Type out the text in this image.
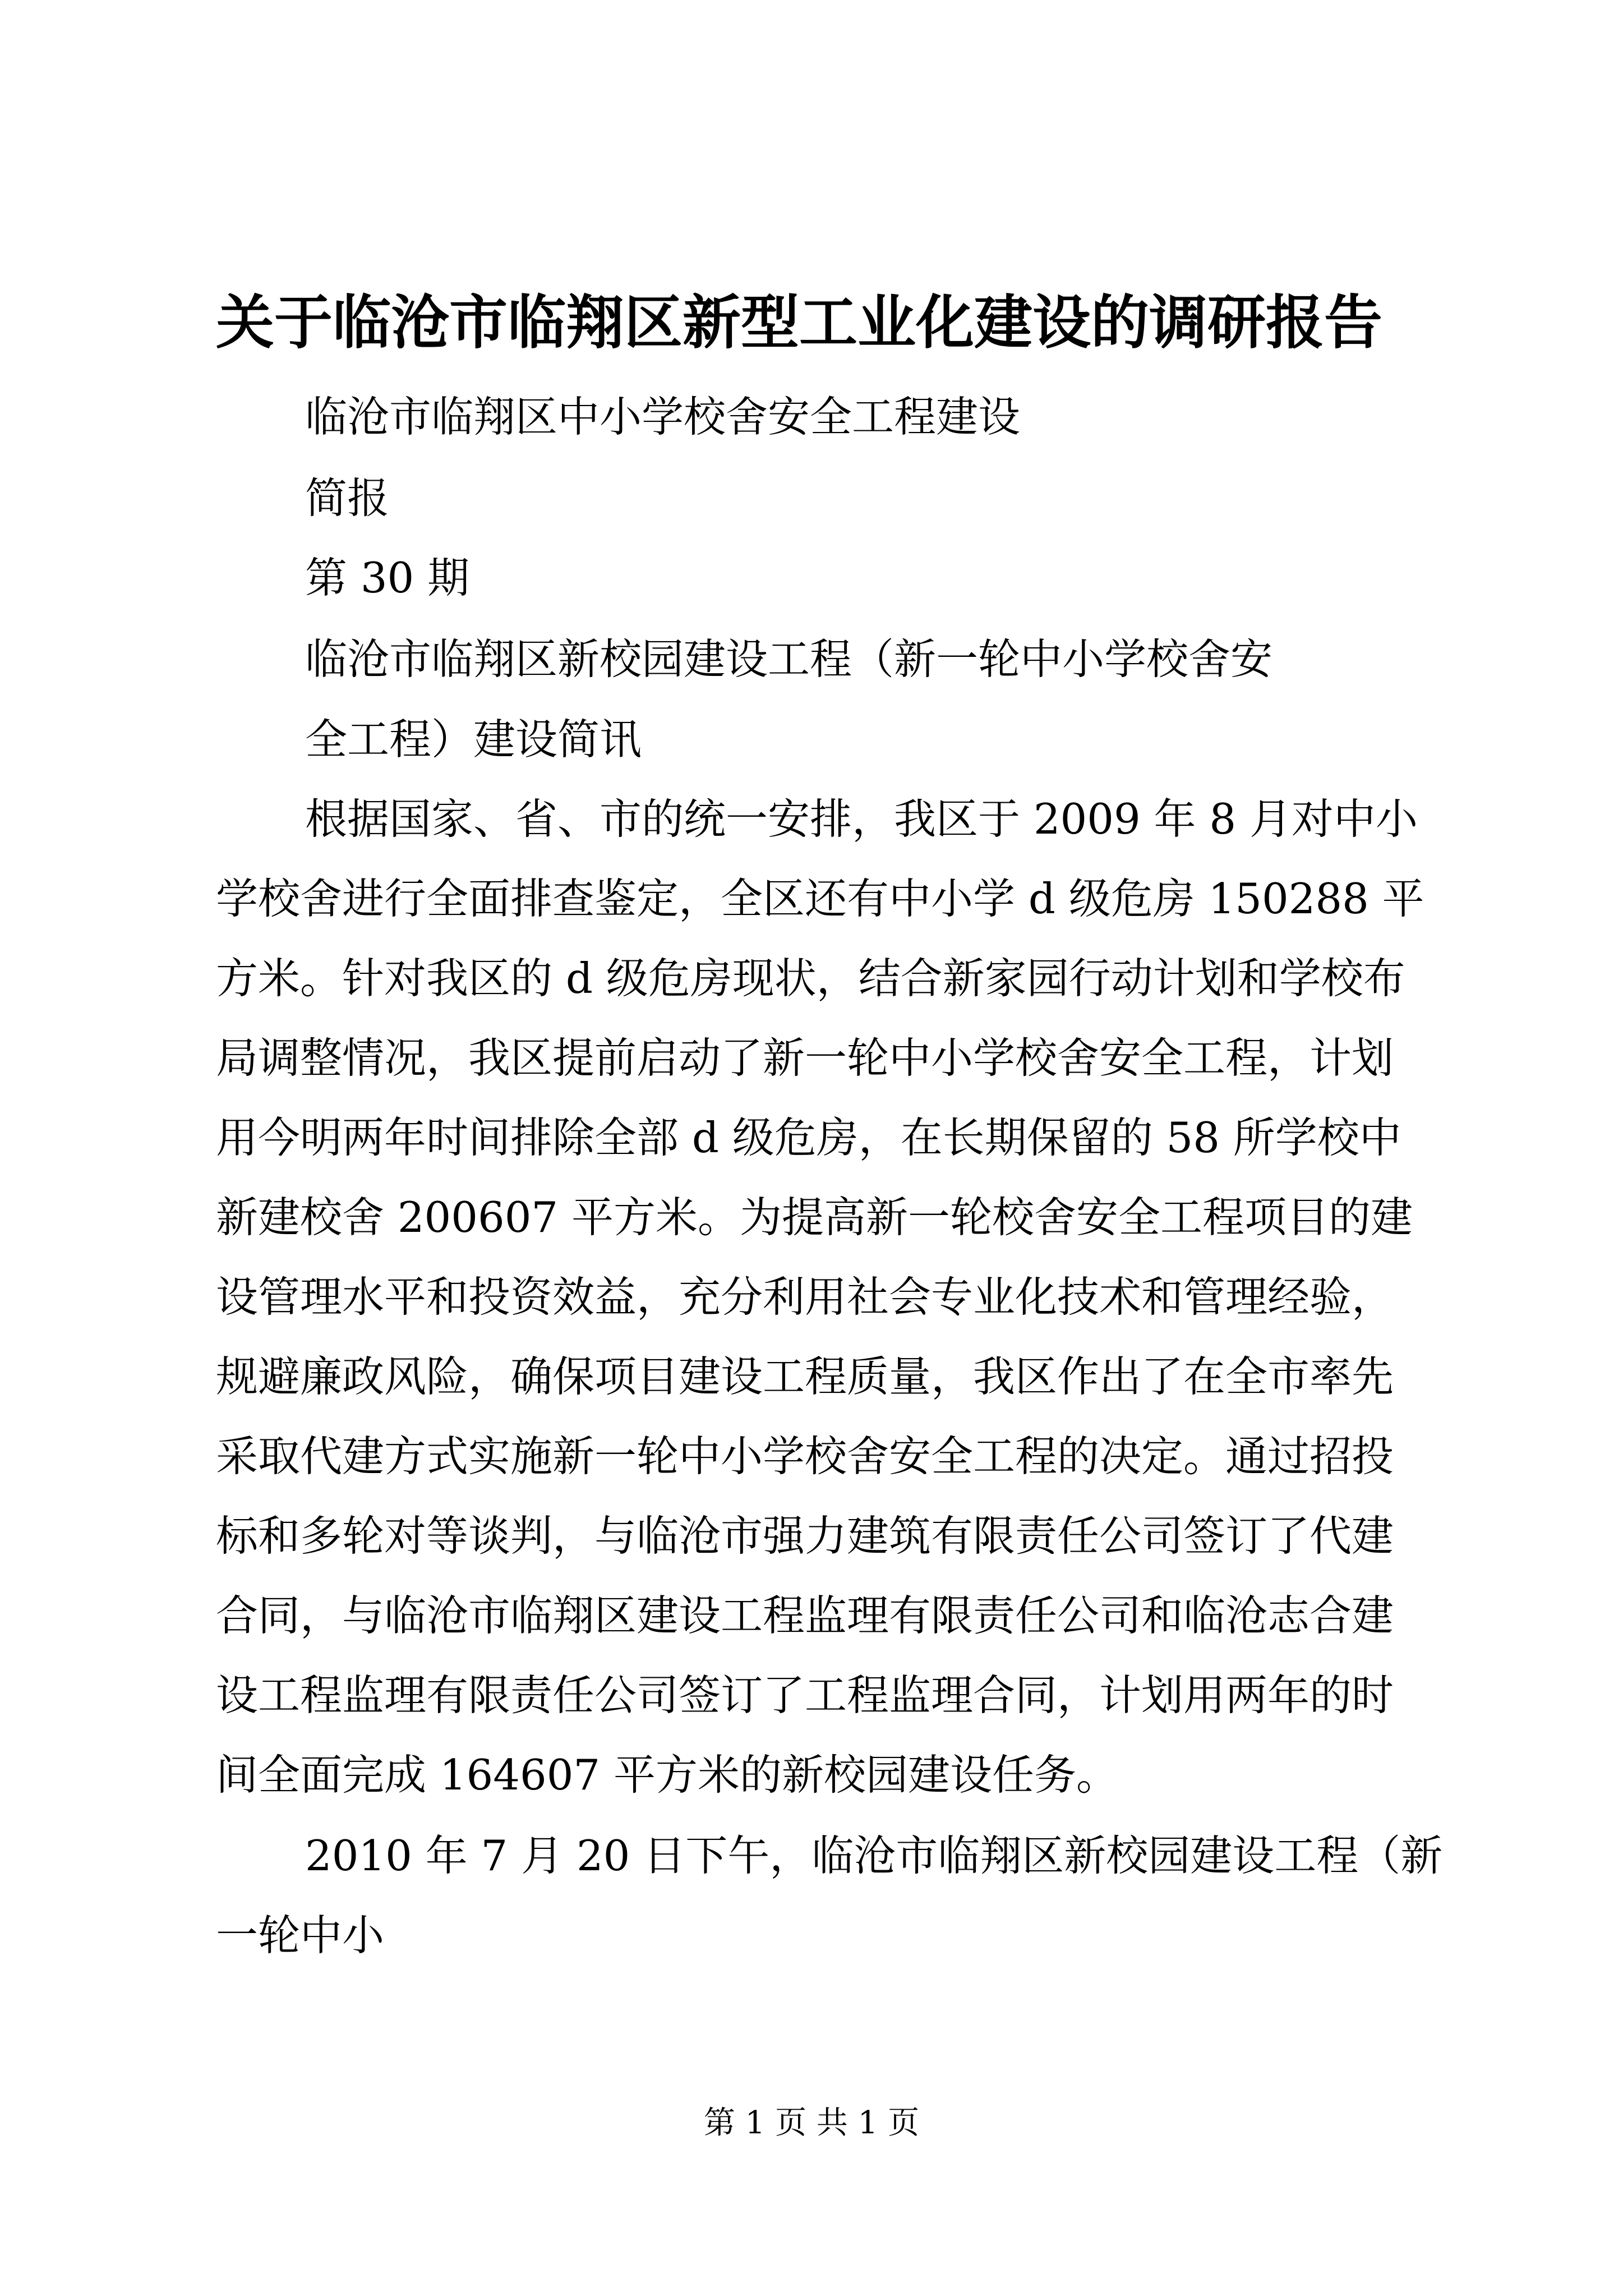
关于临沧市临翔区新型工业化建设的调研报告

临沧市临翔区中小学校舍安全工程建设

简报

第 30 期

临沧市临翔区新校园建设工程（新一轮中小学校舍安

全工程）建设简讯

根据国家、省、市的统一安排，我区于 2009 年 8 月对中小

学校舍进行全面排查鉴定，全区还有中小学 d 级危房 150288 平

方米。针对我区的 d 级危房现状，结合新家园行动计划和学校布

局调整情况，我区提前启动了新一轮中小学校舍安全工程，计划

用今明两年时间排除全部 d 级危房，在长期保留的 58 所学校中

新建校舍 200607 平方米。为提高新一轮校舍安全工程项目的建

设管理水平和投资效益，充分利用社会专业化技术和管理经验，

规避廉政风险，确保项目建设工程质量，我区作出了在全市率先

采取代建方式实施新一轮中小学校舍安全工程的决定。通过招投

标和多轮对等谈判，与临沧市强力建筑有限责任公司签订了代建

合同，与临沧市临翔区建设工程监理有限责任公司和临沧志合建

设工程监理有限责任公司签订了工程监理合同，计划用两年的时

间全面完成 164607 平方米的新校园建设任务。

2010 年 7 月 20 日下午，临沧市临翔区新校园建设工程（新

一轮中小

第 1 页 共 1 页
